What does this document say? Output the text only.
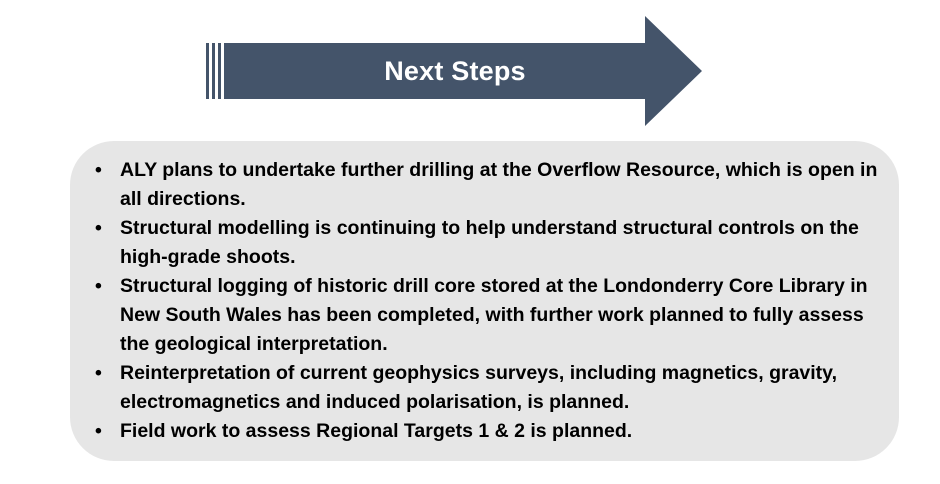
Next Steps
• ALY plans to undertake further drilling at the Overflow Resource, which is open in all directions.
• Structural modelling is continuing to help understand structural controls on the high-grade shoots.
• Structural logging of historic drill core stored at the Londonderry Core Library in New South Wales has been completed, with further work planned to fully assess the geological interpretation.
• Reinterpretation of current geophysics surveys, including magnetics, gravity, electromagnetics and induced polarisation, is planned.
• Field work to assess Regional Targets 1 & 2 is planned.
